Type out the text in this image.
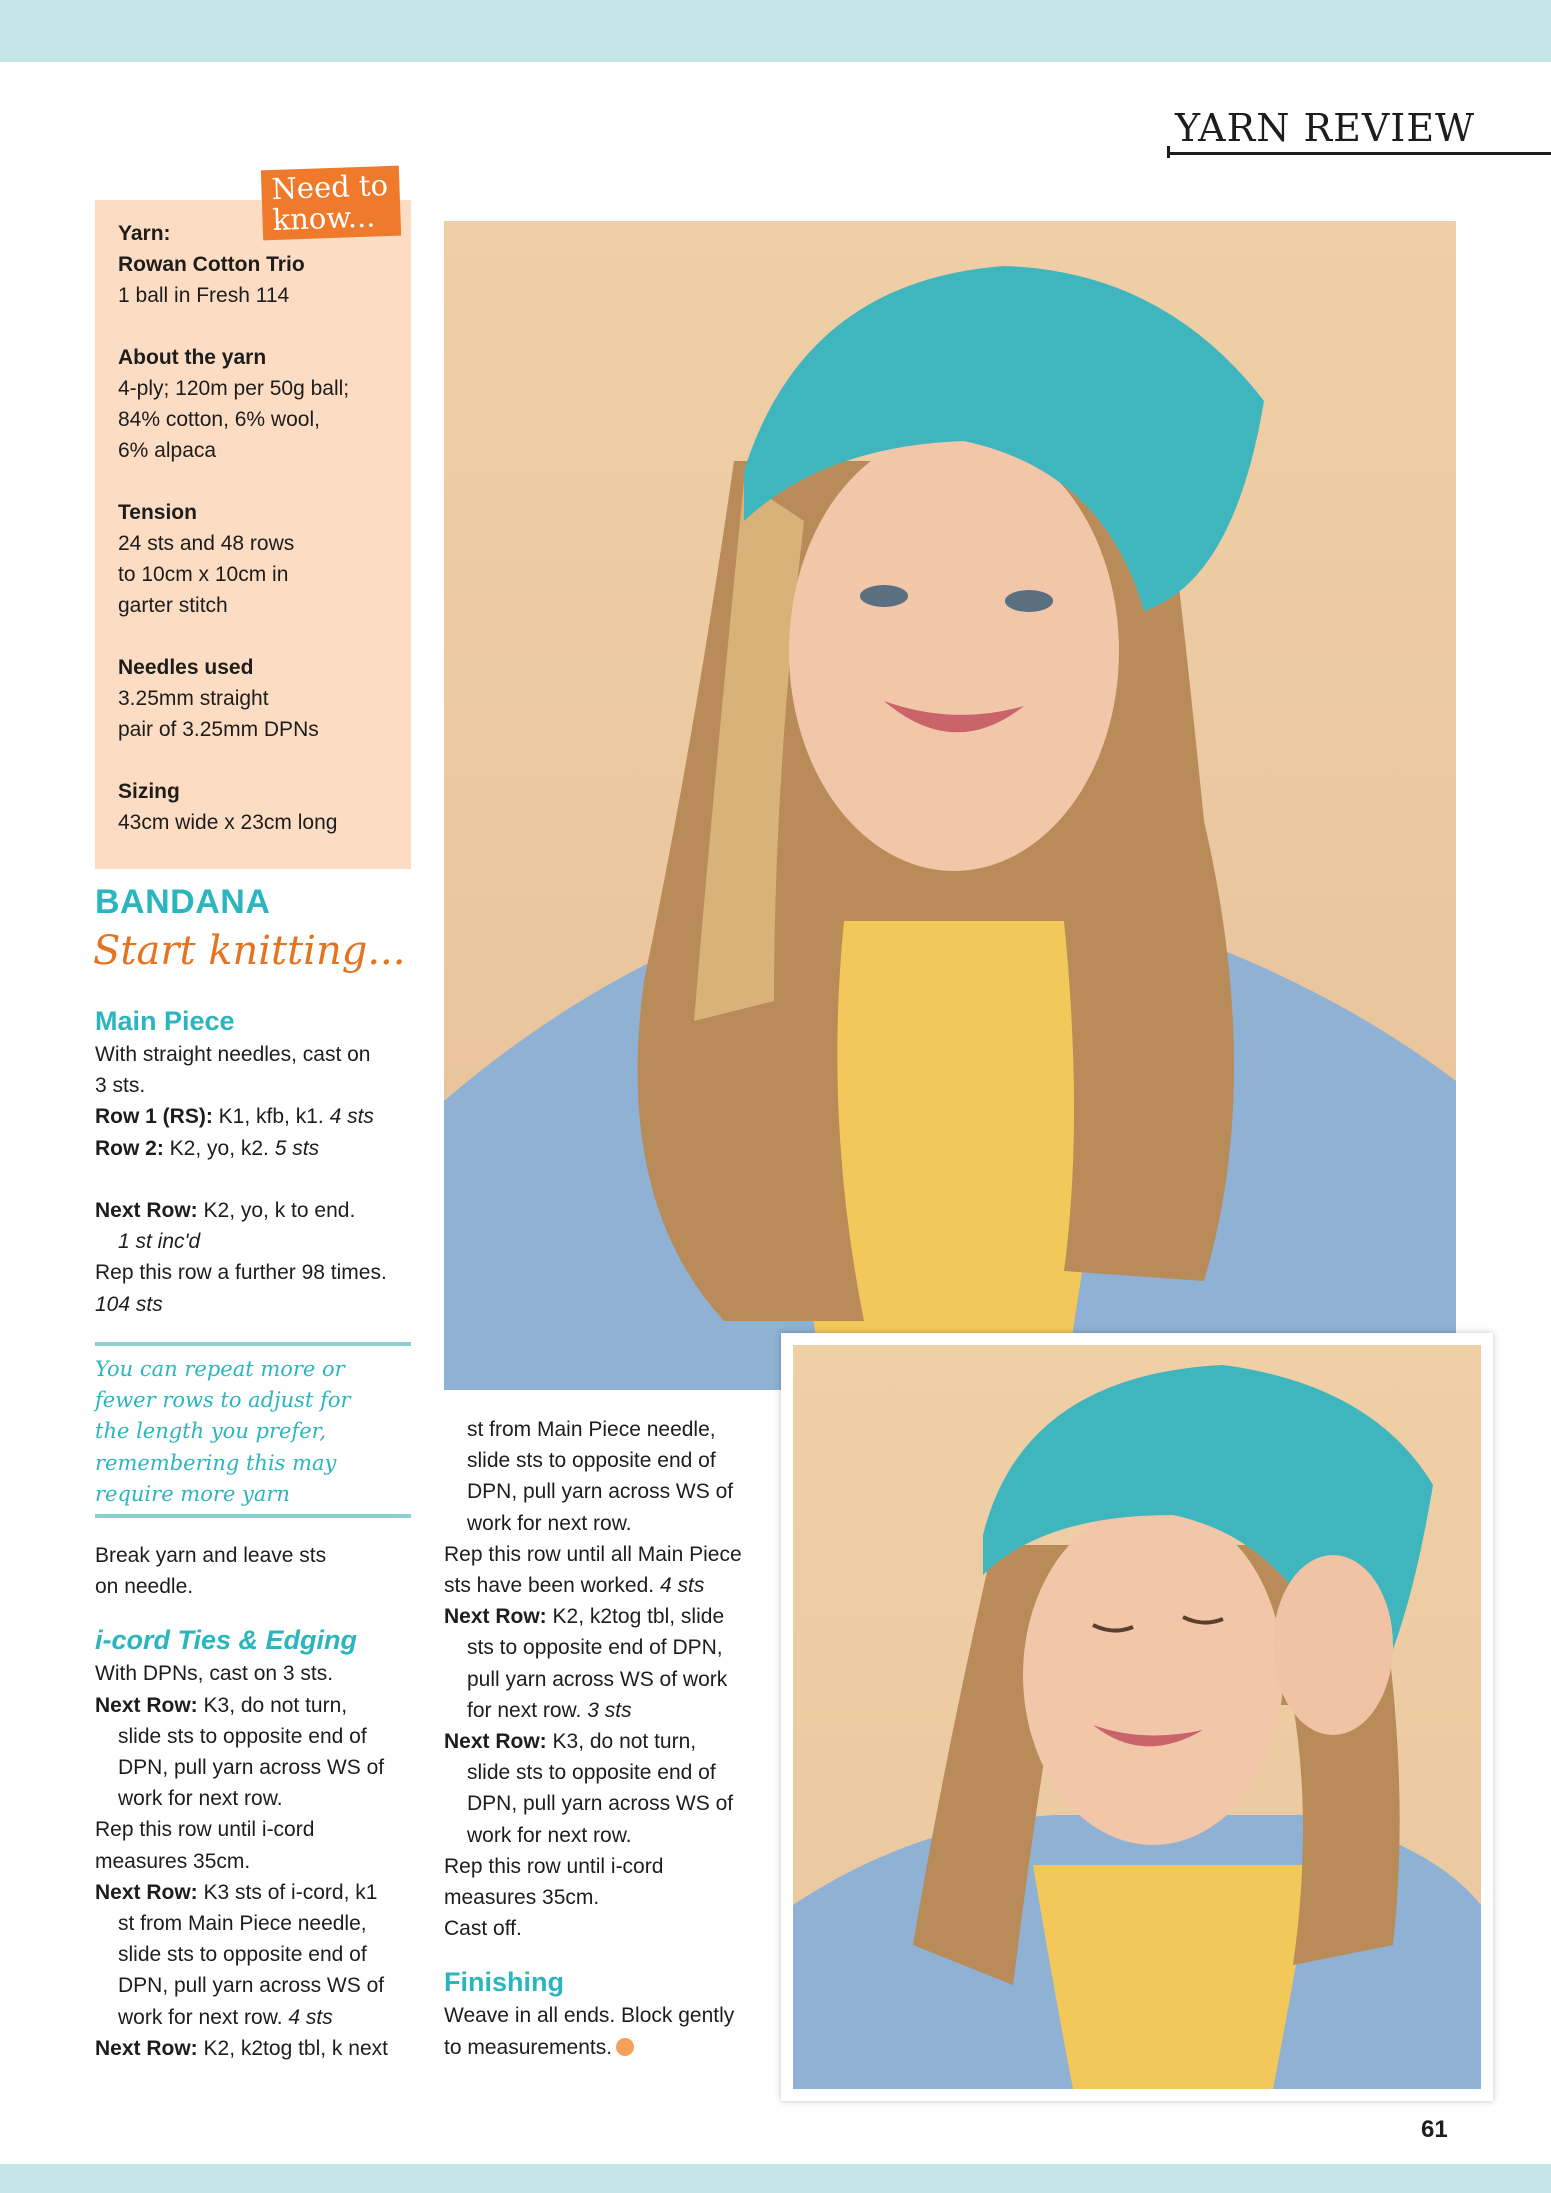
YARN REVIEW
Yarn:
Rowan Cotton Trio
1 ball in Fresh 114
About the yarn
4-ply; 120m per 50g ball;
84% cotton, 6% wool,
6% alpaca
Tension
24 sts and 48 rows
to 10cm x 10cm in
garter stitch
Needles used
3.25mm straight
pair of 3.25mm DPNs
Sizing
43cm wide x 23cm long
Need to
know...
BANDANA
Start knitting...

Main Piece

With straight needles, cast on

3 sts.

Row 1 (RS): K1, kfb, k1. 4 sts

Row 2: K2, yo, k2. 5 sts

Next Row: K2, yo, k to end.

1 st inc'd

Rep this row a further 98 times.

104 sts

You can repeat more or

fewer rows to adjust for

the length you prefer,

remembering this may

require more yarn

Break yarn and leave sts

on needle.

i-cord Ties & Edging

With DPNs, cast on 3 sts.

Next Row: K3, do not turn,

slide sts to opposite end of

DPN, pull yarn across WS of

work for next row.

Rep this row until i-cord

measures 35cm.

Next Row: K3 sts of i-cord, k1

st from Main Piece needle,

slide sts to opposite end of

DPN, pull yarn across WS of

work for next row. 4 sts

Next Row: K2, k2tog tbl, k next

st from Main Piece needle,

slide sts to opposite end of

DPN, pull yarn across WS of

work for next row.

Rep this row until all Main Piece

sts have been worked. 4 sts

Next Row: K2, k2tog tbl, slide

sts to opposite end of DPN,

pull yarn across WS of work

for next row. 3 sts

Next Row: K3, do not turn,

slide sts to opposite end of

DPN, pull yarn across WS of

work for next row.

Rep this row until i-cord

measures 35cm.

Cast off.

Finishing

Weave in all ends. Block gently

to measurements.

61
